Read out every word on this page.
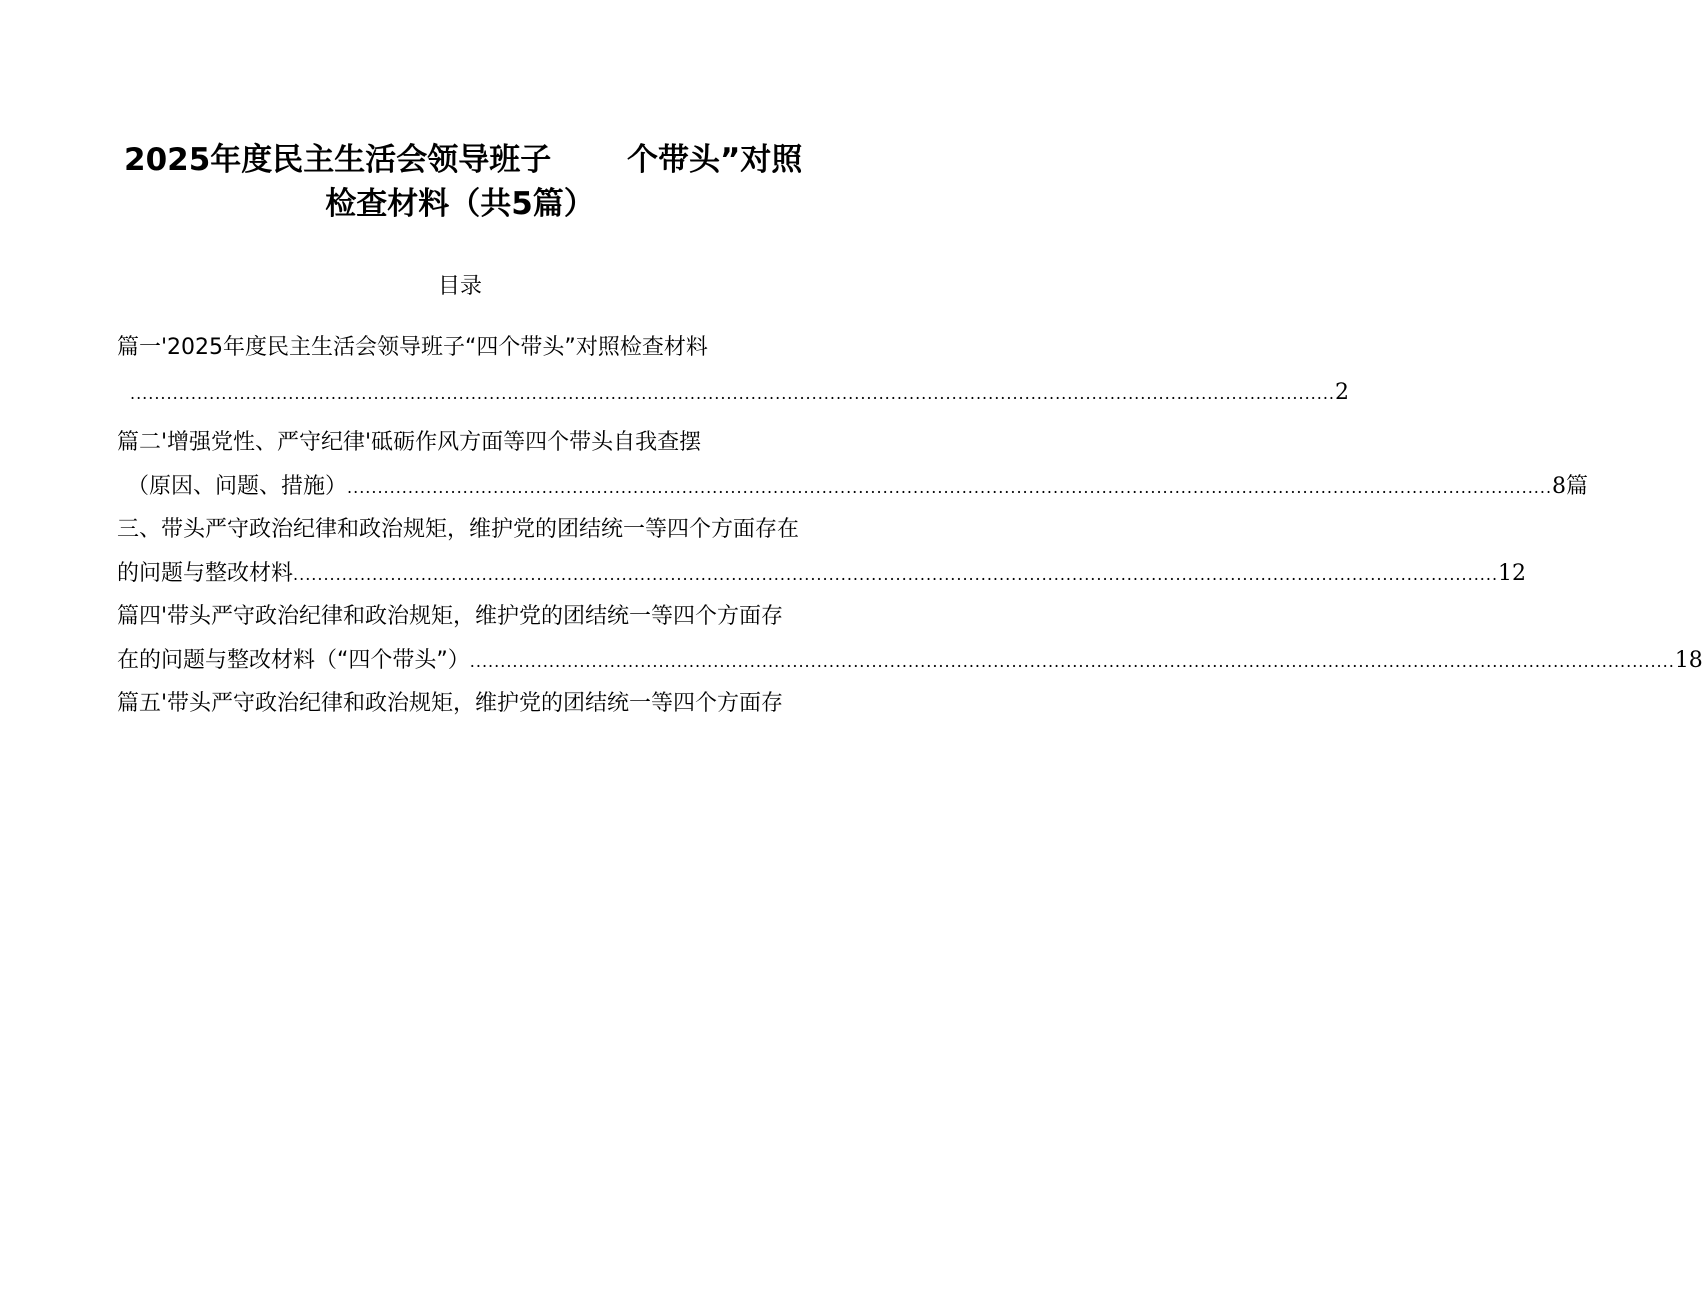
2025年度民主生活会领导班子 个带头”对照
检查材料（共5篇）
目录
篇一'2025年度民主生活会领导班子“四个带头”对照检查材料
...................................................................................................................................................................................................... 2
篇二'增强党性、严守纪律'砥砺作风方面等四个带头自我查摆
（原因、问题、措施） ...................................................................................................................................................................................................... 8篇
三、带头严守政治纪律和政治规矩，维护党的团结统一等四个方面存在
的问题与整改材料 ...................................................................................................................................................................................................... 12
篇四'带头严守政治纪律和政治规矩，维护党的团结统一等四个方面存
在的问题与整改材料（“四个带头”） ...................................................................................................................................................................................................... 18
篇五'带头严守政治纪律和政治规矩，维护党的团结统一等四个方面存
